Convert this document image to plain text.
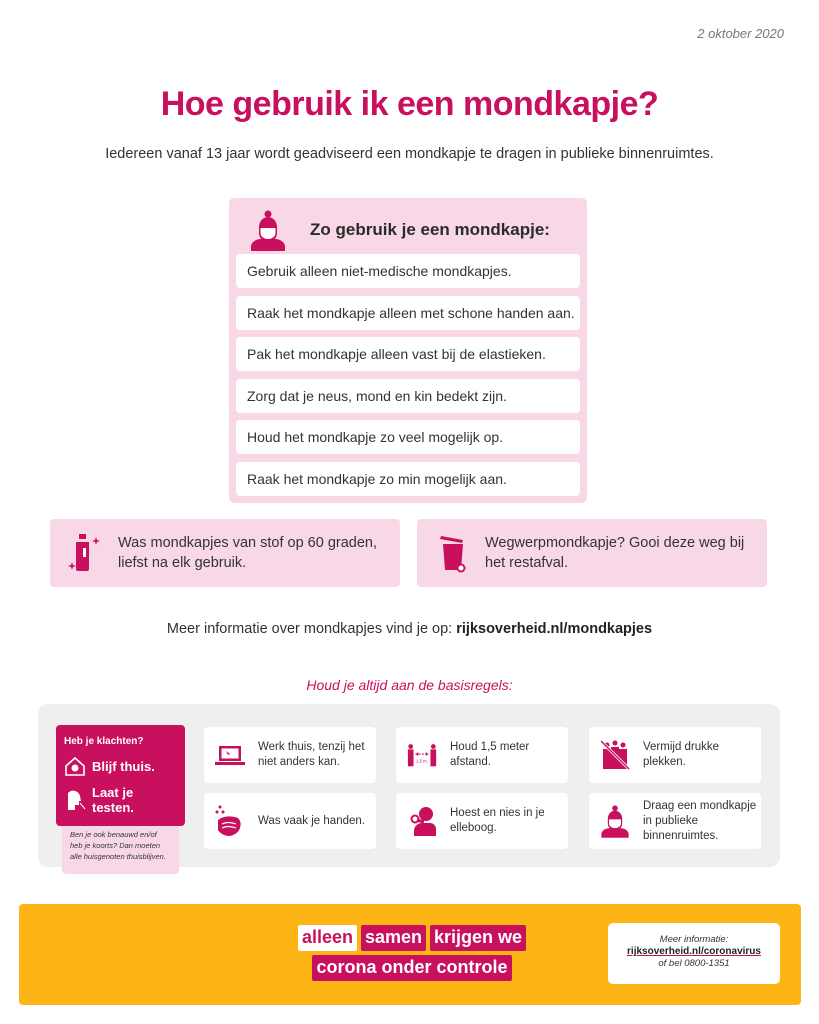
2 oktober 2020
Hoe gebruik ik een mondkapje?

Iedereen vanaf 13 jaar wordt geadviseerd een mondkapje te dragen in publieke binnenruimtes.

Zo gebruik je een mondkapje:
Gebruik alleen niet-medische mondkapjes.
Raak het mondkapje alleen met schone handen aan.
Pak het mondkapje alleen vast bij de elastieken.
Zorg dat je neus, mond en kin bedekt zijn.
Houd het mondkapje zo veel mogelijk op.
Raak het mondkapje zo min mogelijk aan.
Was mondkapjes van stof op 60 graden, liefst na elk gebruik.
Wegwerpmondkapje? Gooi deze weg bij het restafval.

Meer informatie over mondkapjes vind je op: rijksoverheid.nl/mondkapjes

Houd je altijd aan de basisregels:

Heb je klachten?
Blijf thuis.
Laat je testen.
Ben je ook benauwd en/of heb je koorts? Dan moeten alle huisgenoten thuisblijven.
Werk thuis, tenzij het niet anders kan.	1,5 m.
Houd 1,5 meter afstand.
Vermijd drukke plekken.
Was vaak je handen.
Hoest en nies in je elleboog.
Draag een mondkapje in publieke binnenruimtes.
alleen samen krijgen we
corona onder controle
Meer informatie:
rijksoverheid.nl/coronavirus
of bel 0800-1351
